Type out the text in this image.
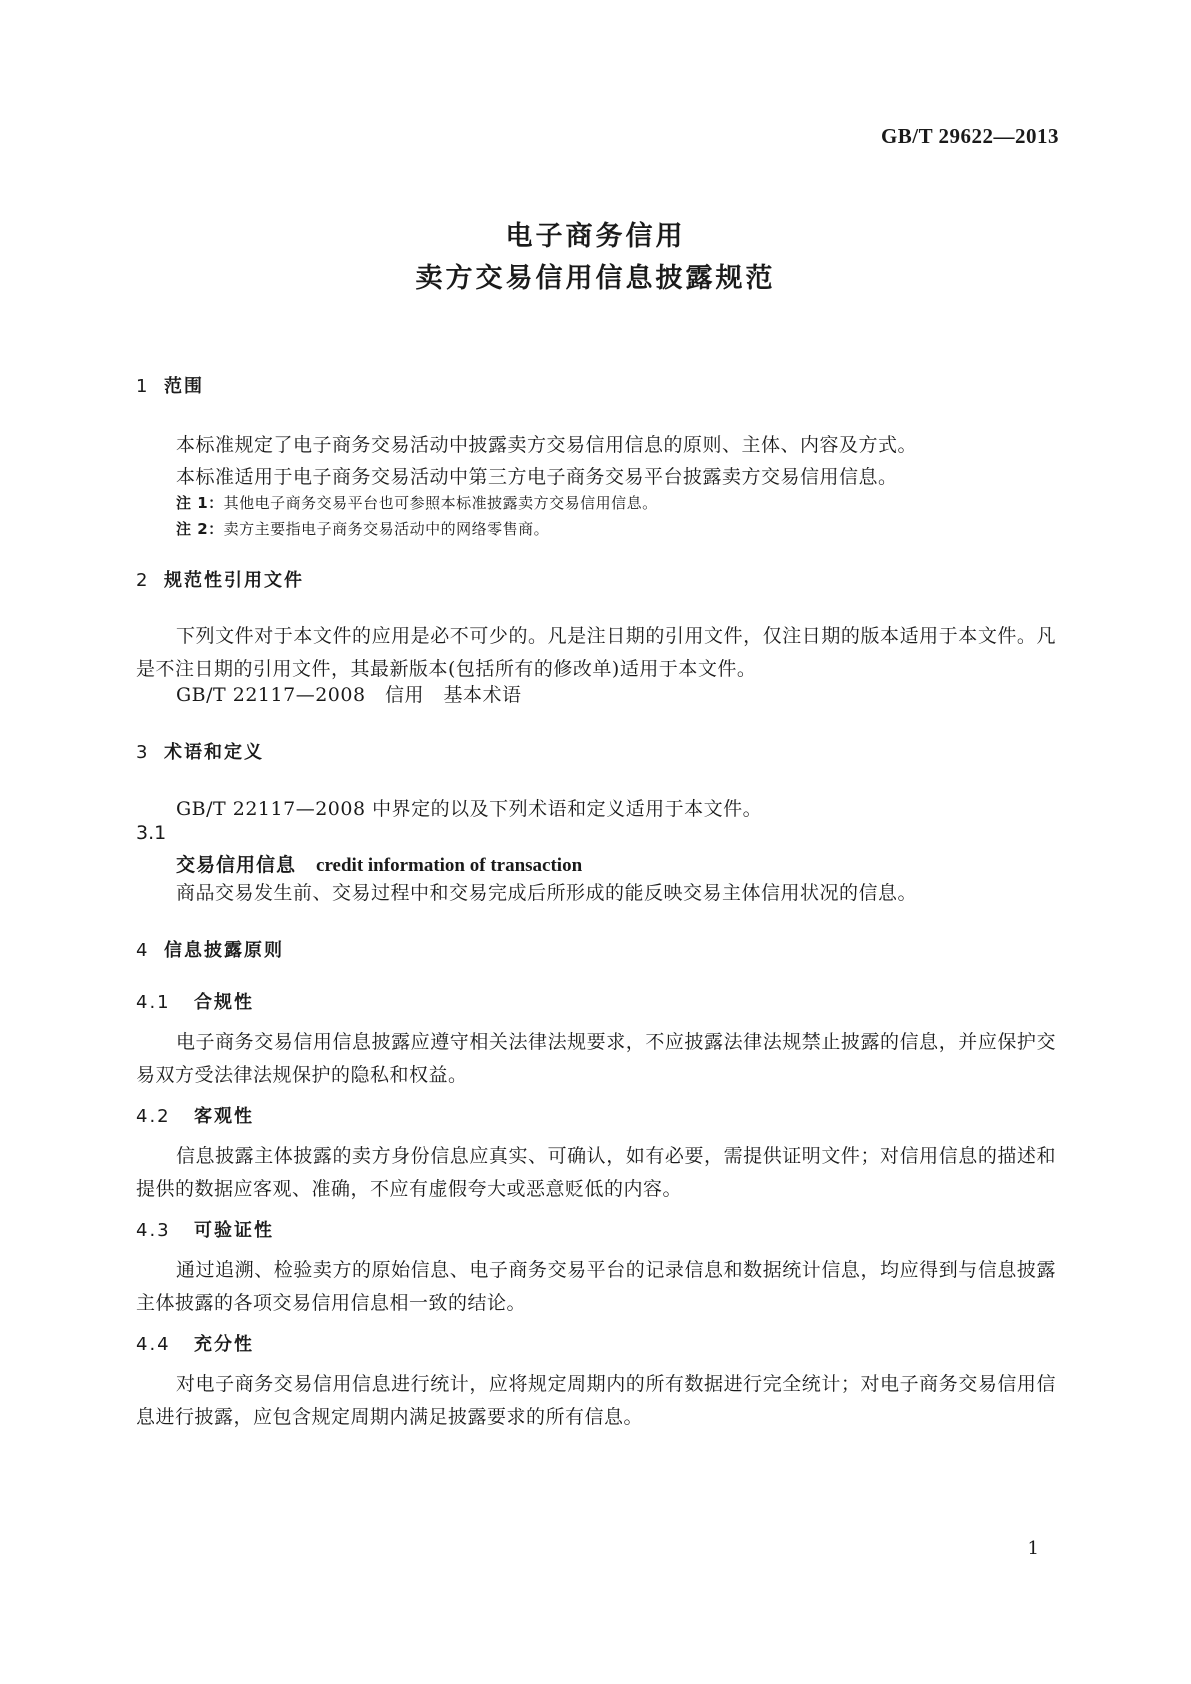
GB/T 29622—2013
电子商务信用
卖方交易信用信息披露规范
1 范围
本标准规定了电子商务交易活动中披露卖方交易信用信息的原则、主体、内容及方式。
本标准适用于电子商务交易活动中第三方电子商务交易平台披露卖方交易信用信息。
注 1：其他电子商务交易平台也可参照本标准披露卖方交易信用信息。
注 2：卖方主要指电子商务交易活动中的网络零售商。
2 规范性引用文件
下列文件对于本文件的应用是必不可少的。凡是注日期的引用文件，仅注日期的版本适用于本文件。凡是不注日期的引用文件，其最新版本(包括所有的修改单)适用于本文件。
GB/T 22117—2008　信用　基本术语
3 术语和定义
GB/T 22117—2008 中界定的以及下列术语和定义适用于本文件。
3.1
交易信用信息 credit information of transaction
商品交易发生前、交易过程中和交易完成后所形成的能反映交易主体信用状况的信息。
4 信息披露原则
4.1 合规性
电子商务交易信用信息披露应遵守相关法律法规要求，不应披露法律法规禁止披露的信息，并应保护交易双方受法律法规保护的隐私和权益。
4.2 客观性
信息披露主体披露的卖方身份信息应真实、可确认，如有必要，需提供证明文件；对信用信息的描述和提供的数据应客观、准确，不应有虚假夸大或恶意贬低的内容。
4.3 可验证性
通过追溯、检验卖方的原始信息、电子商务交易平台的记录信息和数据统计信息，均应得到与信息披露主体披露的各项交易信用信息相一致的结论。
4.4 充分性
对电子商务交易信用信息进行统计，应将规定周期内的所有数据进行完全统计；对电子商务交易信用信息进行披露，应包含规定周期内满足披露要求的所有信息。
1
